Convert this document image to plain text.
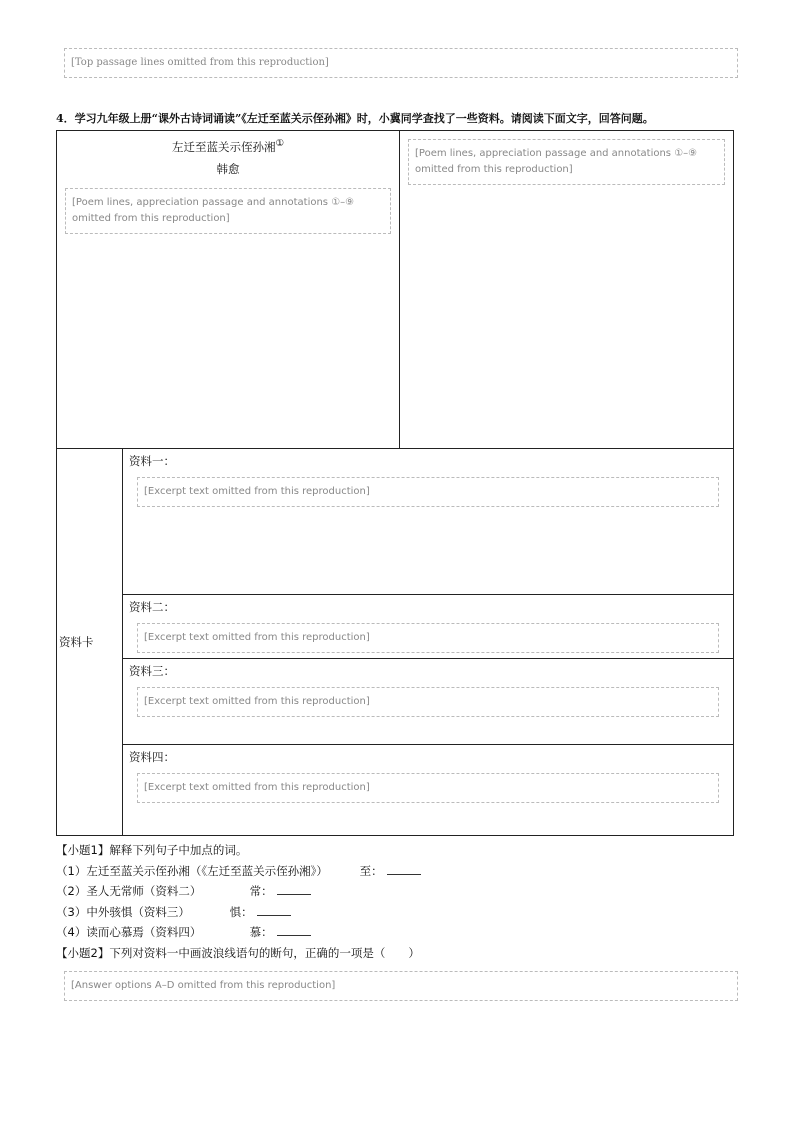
[Top passage lines omitted from this reproduction]
4．学习九年级上册“课外古诗词诵读”《左迁至蓝关示侄孙湘》时，小冀同学查找了一些资料。请阅读下面文字，回答问题。
左迁至蓝关示侄孙湘①
韩愈
[Poem lines, appreciation passage and annotations ①–⑨ omitted from this reproduction]
[Poem lines, appreciation passage and annotations ①–⑨ omitted from this reproduction]
资料卡
资料一：
[Excerpt text omitted from this reproduction]
资料二：
[Excerpt text omitted from this reproduction]
资料三：
[Excerpt text omitted from this reproduction]
资料四：
[Excerpt text omitted from this reproduction]
【小题1】解释下列句子中加点的词。
（1）左迁至蓝关示侄孙湘（《左迁至蓝关示侄孙湘》）	至：
（2）圣人无常师（资料二）	常：
（3）中外骇惧（资料三）	惧：
（4）读而心慕焉（资料四）	慕：
【小题2】下列对资料一中画波浪线语句的断句，正确的一项是（　　）
[Answer options A–D omitted from this reproduction]
